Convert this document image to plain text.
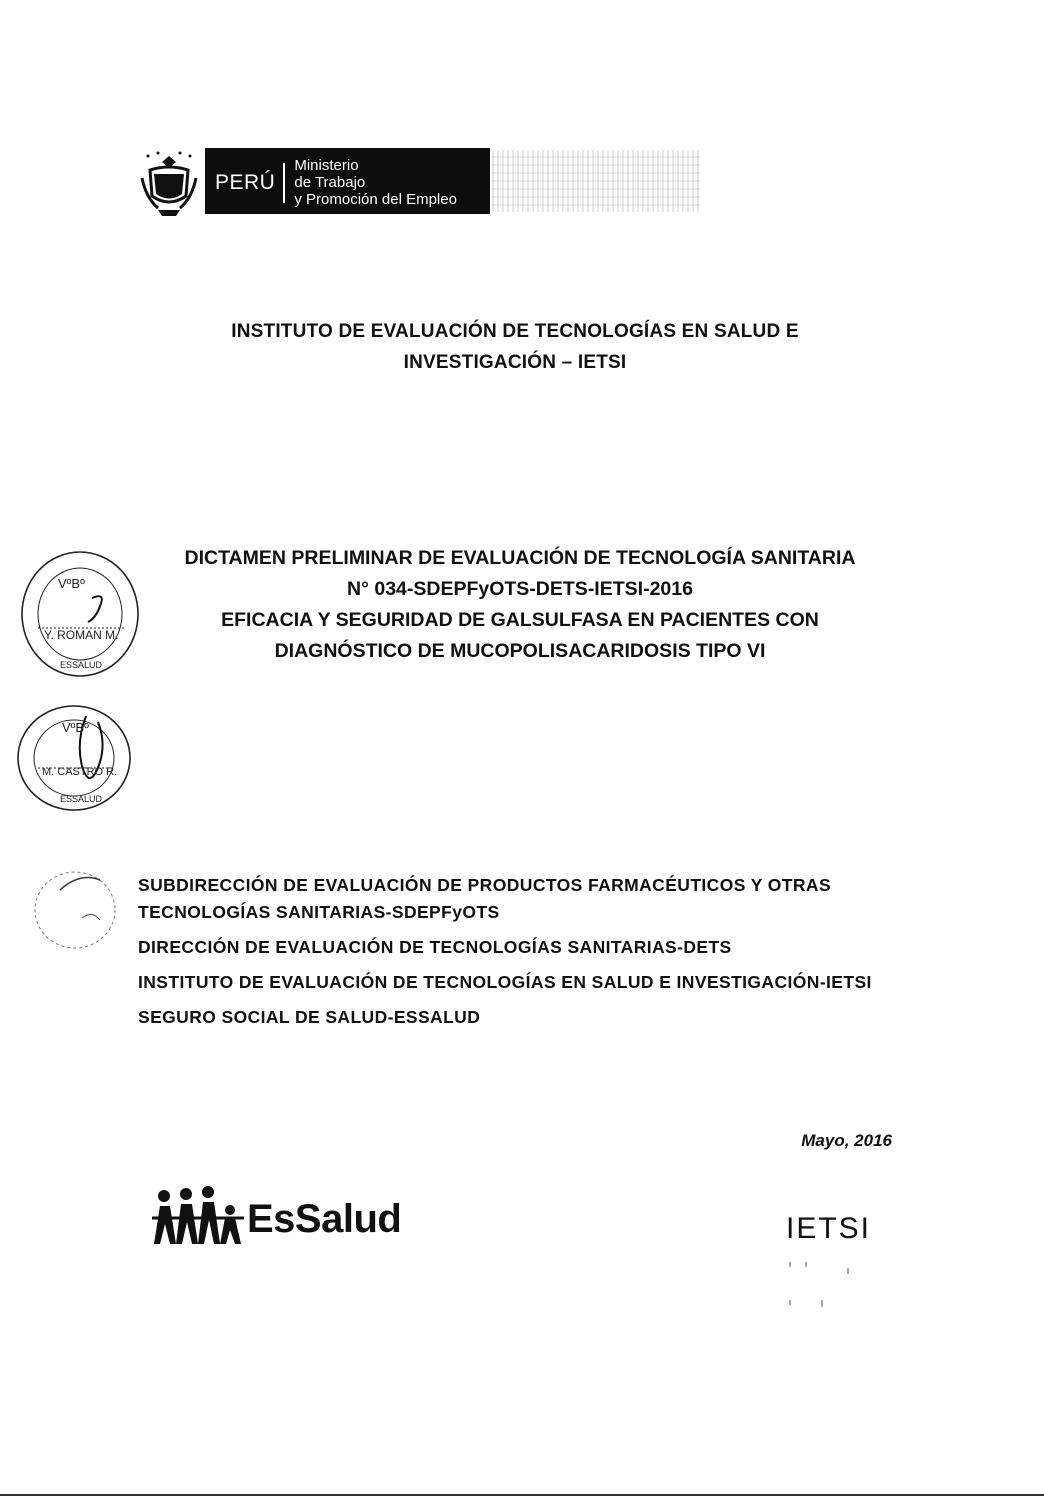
PERÚ
Ministerio
de Trabajo
y Promoción del Empleo
INSTITUTO DE EVALUACIÓN DE TECNOLOGÍAS EN SALUD E
INVESTIGACIÓN – IETSI
DICTAMEN PRELIMINAR DE EVALUACIÓN DE TECNOLOGÍA SANITARIA
N° 034-SDEPFyOTS-DETS-IETSI-2016
EFICACIA Y SEGURIDAD DE GALSULFASA EN PACIENTES CON
DIAGNÓSTICO DE MUCOPOLISACARIDOSIS TIPO VI
VºBº
Y. ROMAN M.
ESSALUD
VºBº
M. CASTRO R.
ESSALUD
SUBDIRECCIÓN DE EVALUACIÓN DE PRODUCTOS FARMACÉUTICOS Y OTRAS TECNOLOGÍAS SANITARIAS-SDEPFyOTS
DIRECCIÓN DE EVALUACIÓN DE TECNOLOGÍAS SANITARIAS-DETS
INSTITUTO DE EVALUACIÓN DE TECNOLOGÍAS EN SALUD E INVESTIGACIÓN-IETSI
SEGURO SOCIAL DE SALUD-ESSALUD
Mayo, 2016
EsSalud	IETSI
